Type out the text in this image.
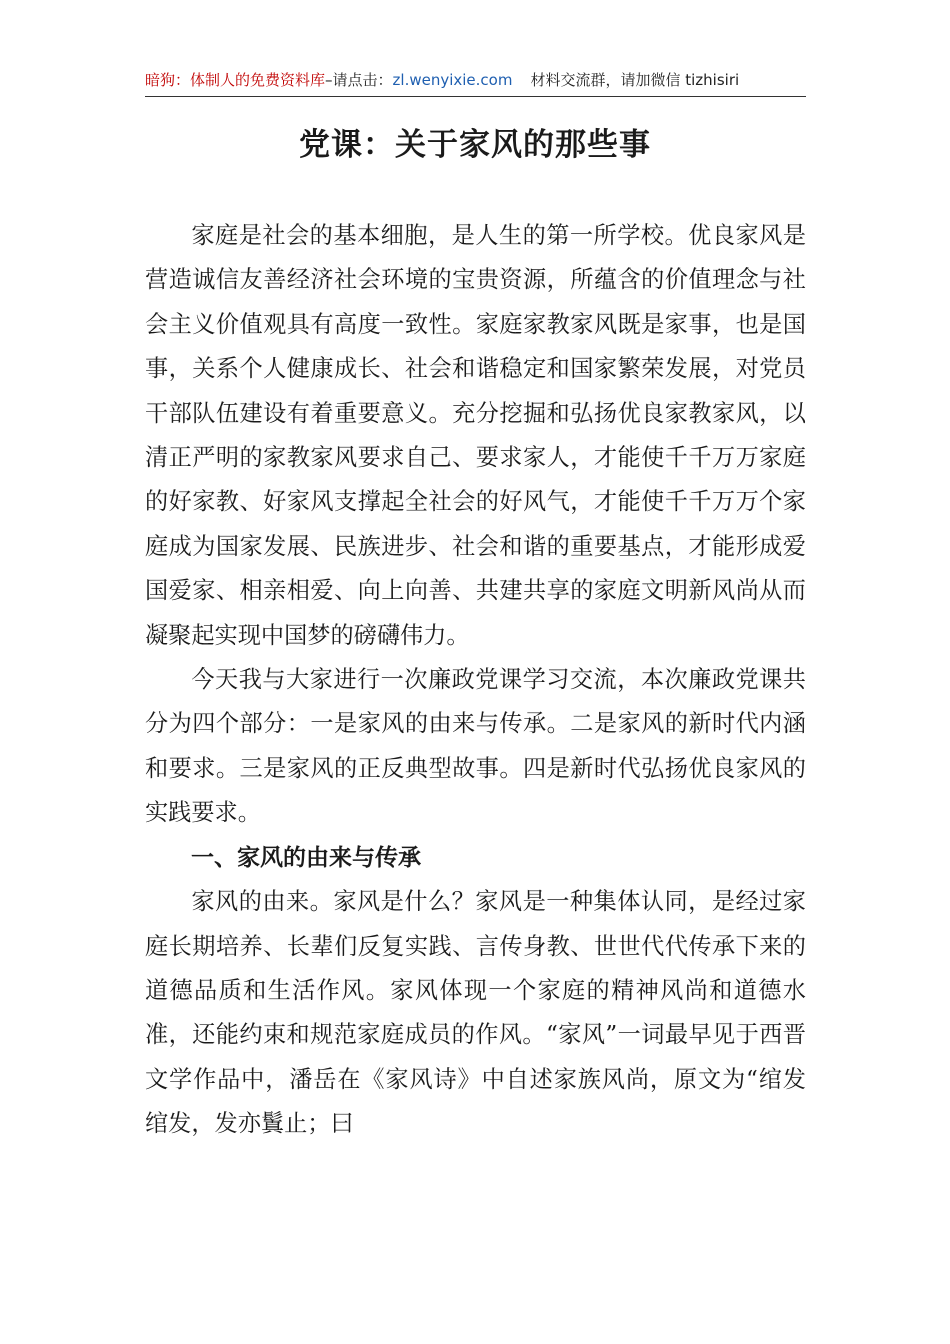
暗狗：体制人的免费资料库–请点击：zl.wenyixie.com 材料交流群，请加微信 tizhisiri
党课：关于家风的那些事

家庭是社会的基本细胞，是人生的第一所学校。优良家风是营造诚信友善经济社会环境的宝贵资源，所蕴含的价值理念与社会主义价值观具有高度一致性。家庭家教家风既是家事，也是国事，关系个人健康成长、社会和谐稳定和国家繁荣发展，对党员干部队伍建设有着重要意义。充分挖掘和弘扬优良家教家风，以清正严明的家教家风要求自己、要求家人，才能使千千万万家庭的好家教、好家风支撑起全社会的好风气，才能使千千万万个家庭成为国家发展、民族进步、社会和谐的重要基点，才能形成爱国爱家、相亲相爱、向上向善、共建共享的家庭文明新风尚从而凝聚起实现中国梦的磅礴伟力。

今天我与大家进行一次廉政党课学习交流，本次廉政党课共分为四个部分：一是家风的由来与传承。二是家风的新时代内涵和要求。三是家风的正反典型故事。四是新时代弘扬优良家风的实践要求。

一、家风的由来与传承

家风的由来。家风是什么？家风是一种集体认同，是经过家庭长期培养、长辈们反复实践、言传身教、世世代代传承下来的道德品质和生活作风。家风体现一个家庭的精神风尚和道德水准，还能约束和规范家庭成员的作风。“家风”一词最早见于西晋文学作品中，潘岳在《家风诗》中自述家族风尚，原文为“绾发绾发，发亦鬒止；曰
